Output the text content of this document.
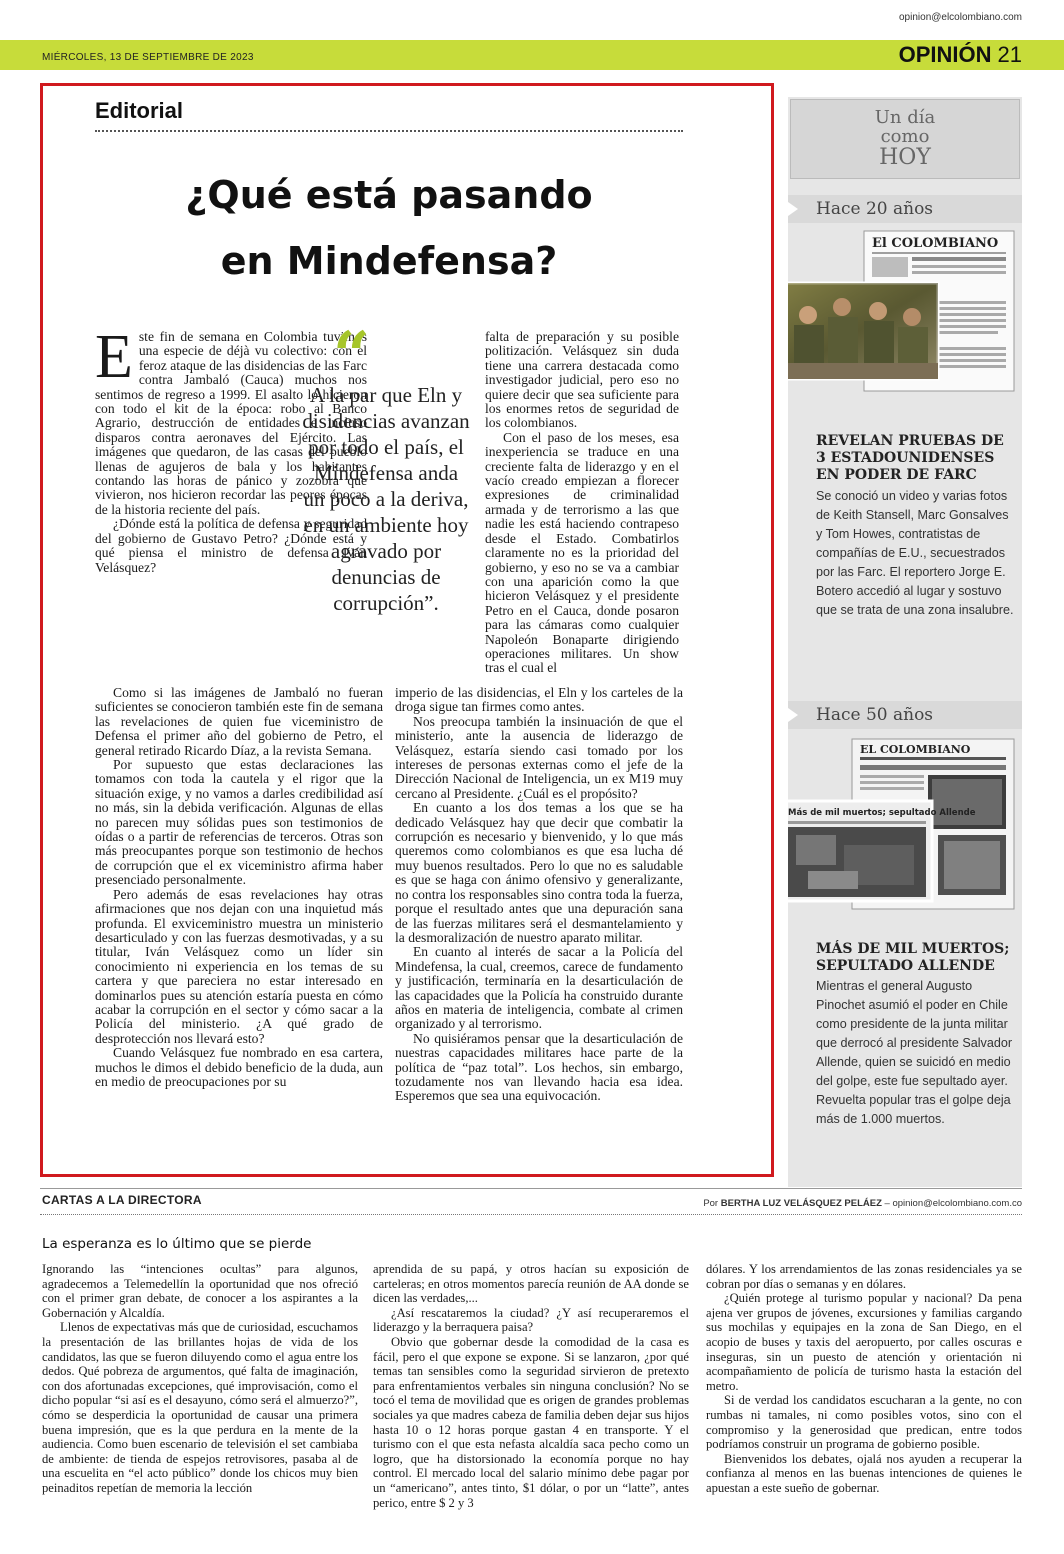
opinion@elcolombiano.com
MIÉRCOLES, 13 DE SEPTIEMBRE DE 2023	OPINIÓN 21
Editorial
¿Qué está pasando
en Mindefensa?

Este fin de semana en Colombia tuvimos una especie de déjà vu colectivo: con el feroz ataque de las disidencias de las Farc contra Jambaló (Cauca) muchos nos sentimos de regreso a 1999. El asalto lo hicieron con todo el kit de la época: robo al Banco Agrario, destrucción de entidades e incluso disparos contra aeronaves del Ejército. Las imágenes que quedaron, de las casas del pueblo llenas de agujeros de bala y los habitantes contando las horas de pánico y zozobra que vivieron, nos hicieron recordar las peores épocas de la historia reciente del país.

¿Dónde está la política de defensa y seguridad del gobierno de Gustavo Petro? ¿Dónde está y qué piensa el ministro de defensa Iván Velásquez?

“
A la par que Eln y disidencias avanzan por todo el país, el Mindefensa anda un poco a la deriva, en un ambiente hoy agravado por denuncias de corrupción”.

falta de preparación y su posible politización. Velásquez sin duda tiene una carrera destacada como investigador judicial, pero eso no quiere decir que sea suficiente para los enormes retos de seguridad de los colombianos.

Con el paso de los meses, esa inexperiencia se traduce en una creciente falta de liderazgo y en el vacío creado empiezan a florecer expresiones de criminalidad armada y de terrorismo a las que nadie les está haciendo contrapeso desde el Estado. Combatirlos claramente no es la prioridad del gobierno, y eso no se va a cambiar con una aparición como la que hicieron Velásquez y el presidente Petro en el Cauca, donde posaron para las cámaras como cualquier Napoleón Bonaparte dirigiendo operaciones militares. Un show tras el cual el

Como si las imágenes de Jambaló no fueran suficientes se conocieron también este fin de semana las revelaciones de quien fue viceministro de Defensa el primer año del gobierno de Petro, el general retirado Ricardo Díaz, a la revista Semana.

Por supuesto que estas declaraciones las tomamos con toda la cautela y el rigor que la situación exige, y no vamos a darles credibilidad así no más, sin la debida verificación. Algunas de ellas no parecen muy sólidas pues son testimonios de oídas o a partir de referencias de terceros. Otras son más preocupantes porque son testimonio de hechos de corrupción que el ex viceministro afirma haber presenciado personalmente.

Pero además de esas revelaciones hay otras afirmaciones que nos dejan con una inquietud más profunda. El exviceministro muestra un ministerio desarticulado y con las fuerzas desmotivadas, y a su titular, Iván Velásquez como un líder sin conocimiento ni experiencia en los temas de su cartera y que pareciera no estar interesado en dominarlos pues su atención estaría puesta en cómo acabar la corrupción en el sector y cómo sacar a la Policía del ministerio. ¿A qué grado de desprotección nos llevará esto?

Cuando Velásquez fue nombrado en esa cartera, muchos le dimos el debido beneficio de la duda, aun en medio de preocupaciones por su

imperio de las disidencias, el Eln y los carteles de la droga sigue tan firmes como antes.

Nos preocupa también la insinuación de que el ministerio, ante la ausencia de liderazgo de Velásquez, estaría siendo casi tomado por los intereses de personas externas como el jefe de la Dirección Nacional de Inteligencia, un ex M19 muy cercano al Presidente. ¿Cuál es el propósito?

En cuanto a los dos temas a los que se ha dedicado Velásquez hay que decir que combatir la corrupción es necesario y bienvenido, y lo que más queremos como colombianos es que esa lucha dé muy buenos resultados. Pero lo que no es saludable es que se haga con ánimo ofensivo y generalizante, no contra los responsables sino contra toda la fuerza, porque el resultado antes que una depuración sana de las fuerzas militares será el desmantelamiento y la desmoralización de nuestro aparato militar.

En cuanto al interés de sacar a la Policía del Mindefensa, la cual, creemos, carece de fundamento y justificación, terminaría en la desarticulación de las capacidades que la Policía ha construido durante años en materia de inteligencia, combate al crimen organizado y al terrorismo.

No quisiéramos pensar que la desarticulación de nuestras capacidades militares hace parte de la política de “paz total”. Los hechos, sin embargo, tozudamente nos van llevando hacia esa idea. Esperemos que sea una equivocación.

Un día
como
HOY
Hace 20 años
El COLOMBIANO
REVELAN PRUEBAS DE 3 ESTADOUNIDENSES EN PODER DE FARC
Se conoció un video y varias fotos de Keith Stansell, Marc Gonsalves y Tom Howes, contratistas de compañías de E.U., secuestrados por las Farc. El reportero Jorge E. Botero accedió al lugar y sostuvo que se trata de una zona insalubre.
Hace 50 años
EL COLOMBIANO
Más de mil muertos; sepultado Allende
MÁS DE MIL MUERTOS; SEPULTADO ALLENDE
Mientras el general Augusto Pinochet asumió el poder en Chile como presidente de la junta militar que derrocó al presidente Salvador Allende, quien se suicidó en medio del golpe, este fue sepultado ayer. Revuelta popular tras el golpe deja más de 1.000 muertos.
CARTAS A LA DIRECTORA	Por BERTHA LUZ VELÁSQUEZ PELÁEZ – opinion@elcolombiano.com.co
La esperanza es lo último que se pierde

Ignorando las “intenciones ocultas” para algunos, agradecemos a Telemedellín la oportunidad que nos ofreció con el primer gran debate, de conocer a los aspirantes a la Gobernación y Alcaldía.

Llenos de expectativas más que de curiosidad, escuchamos la presentación de las brillantes hojas de vida de los candidatos, las que se fueron diluyendo como el agua entre los dedos. Qué pobreza de argumentos, qué falta de imaginación, con dos afortunadas excepciones, qué improvisación, como el dicho popular “si así es el desayuno, cómo será el almuerzo?”, cómo se desperdicia la oportunidad de causar una primera buena impresión, que es la que perdura en la mente de la audiencia. Como buen escenario de televisión el set cambiaba de ambiente: de tienda de espejos retrovisores, pasaba al de una escuelita en “el acto público” donde los chicos muy bien peinaditos repetían de memoria la lección

aprendida de su papá, y otros hacían su exposición de carteleras; en otros momentos parecía reunión de AA donde se dicen las verdades,...

¿Así rescataremos la ciudad? ¿Y así recuperaremos el liderazgo y la berraquera paisa?

Obvio que gobernar desde la comodidad de la casa es fácil, pero el que expone se expone. Si se lanzaron, ¿por qué temas tan sensibles como la seguridad sirvieron de pretexto para enfrentamientos verbales sin ninguna conclusión? No se tocó el tema de movilidad que es origen de grandes problemas sociales ya que madres cabeza de familia deben dejar sus hijos hasta 10 o 12 horas porque gastan 4 en transporte. Y el turismo con el que esta nefasta alcaldía saca pecho como un logro, que ha distorsionado la economía porque no hay control. El mercado local del salario mínimo debe pagar por un “americano”, antes tinto, $1 dólar, o por un “latte”, antes perico, entre $ 2 y 3

dólares. Y los arrendamientos de las zonas residenciales ya se cobran por días o semanas y en dólares.

¿Quién protege al turismo popular y nacional? Da pena ajena ver grupos de jóvenes, excursiones y familias cargando sus mochilas y equipajes en la zona de San Diego, en el acopio de buses y taxis del aeropuerto, por calles oscuras e inseguras, sin un puesto de atención y orientación ni acompañamiento de policía de turismo hasta la estación del metro.

Si de verdad los candidatos escucharan a la gente, no con rumbas ni tamales, ni como posibles votos, sino con el compromiso y la generosidad que predican, entre todos podríamos construir un programa de gobierno posible.

Bienvenidos los debates, ojalá nos ayuden a recuperar la confianza al menos en las buenas intenciones de quienes le apuestan a este sueño de gobernar.
